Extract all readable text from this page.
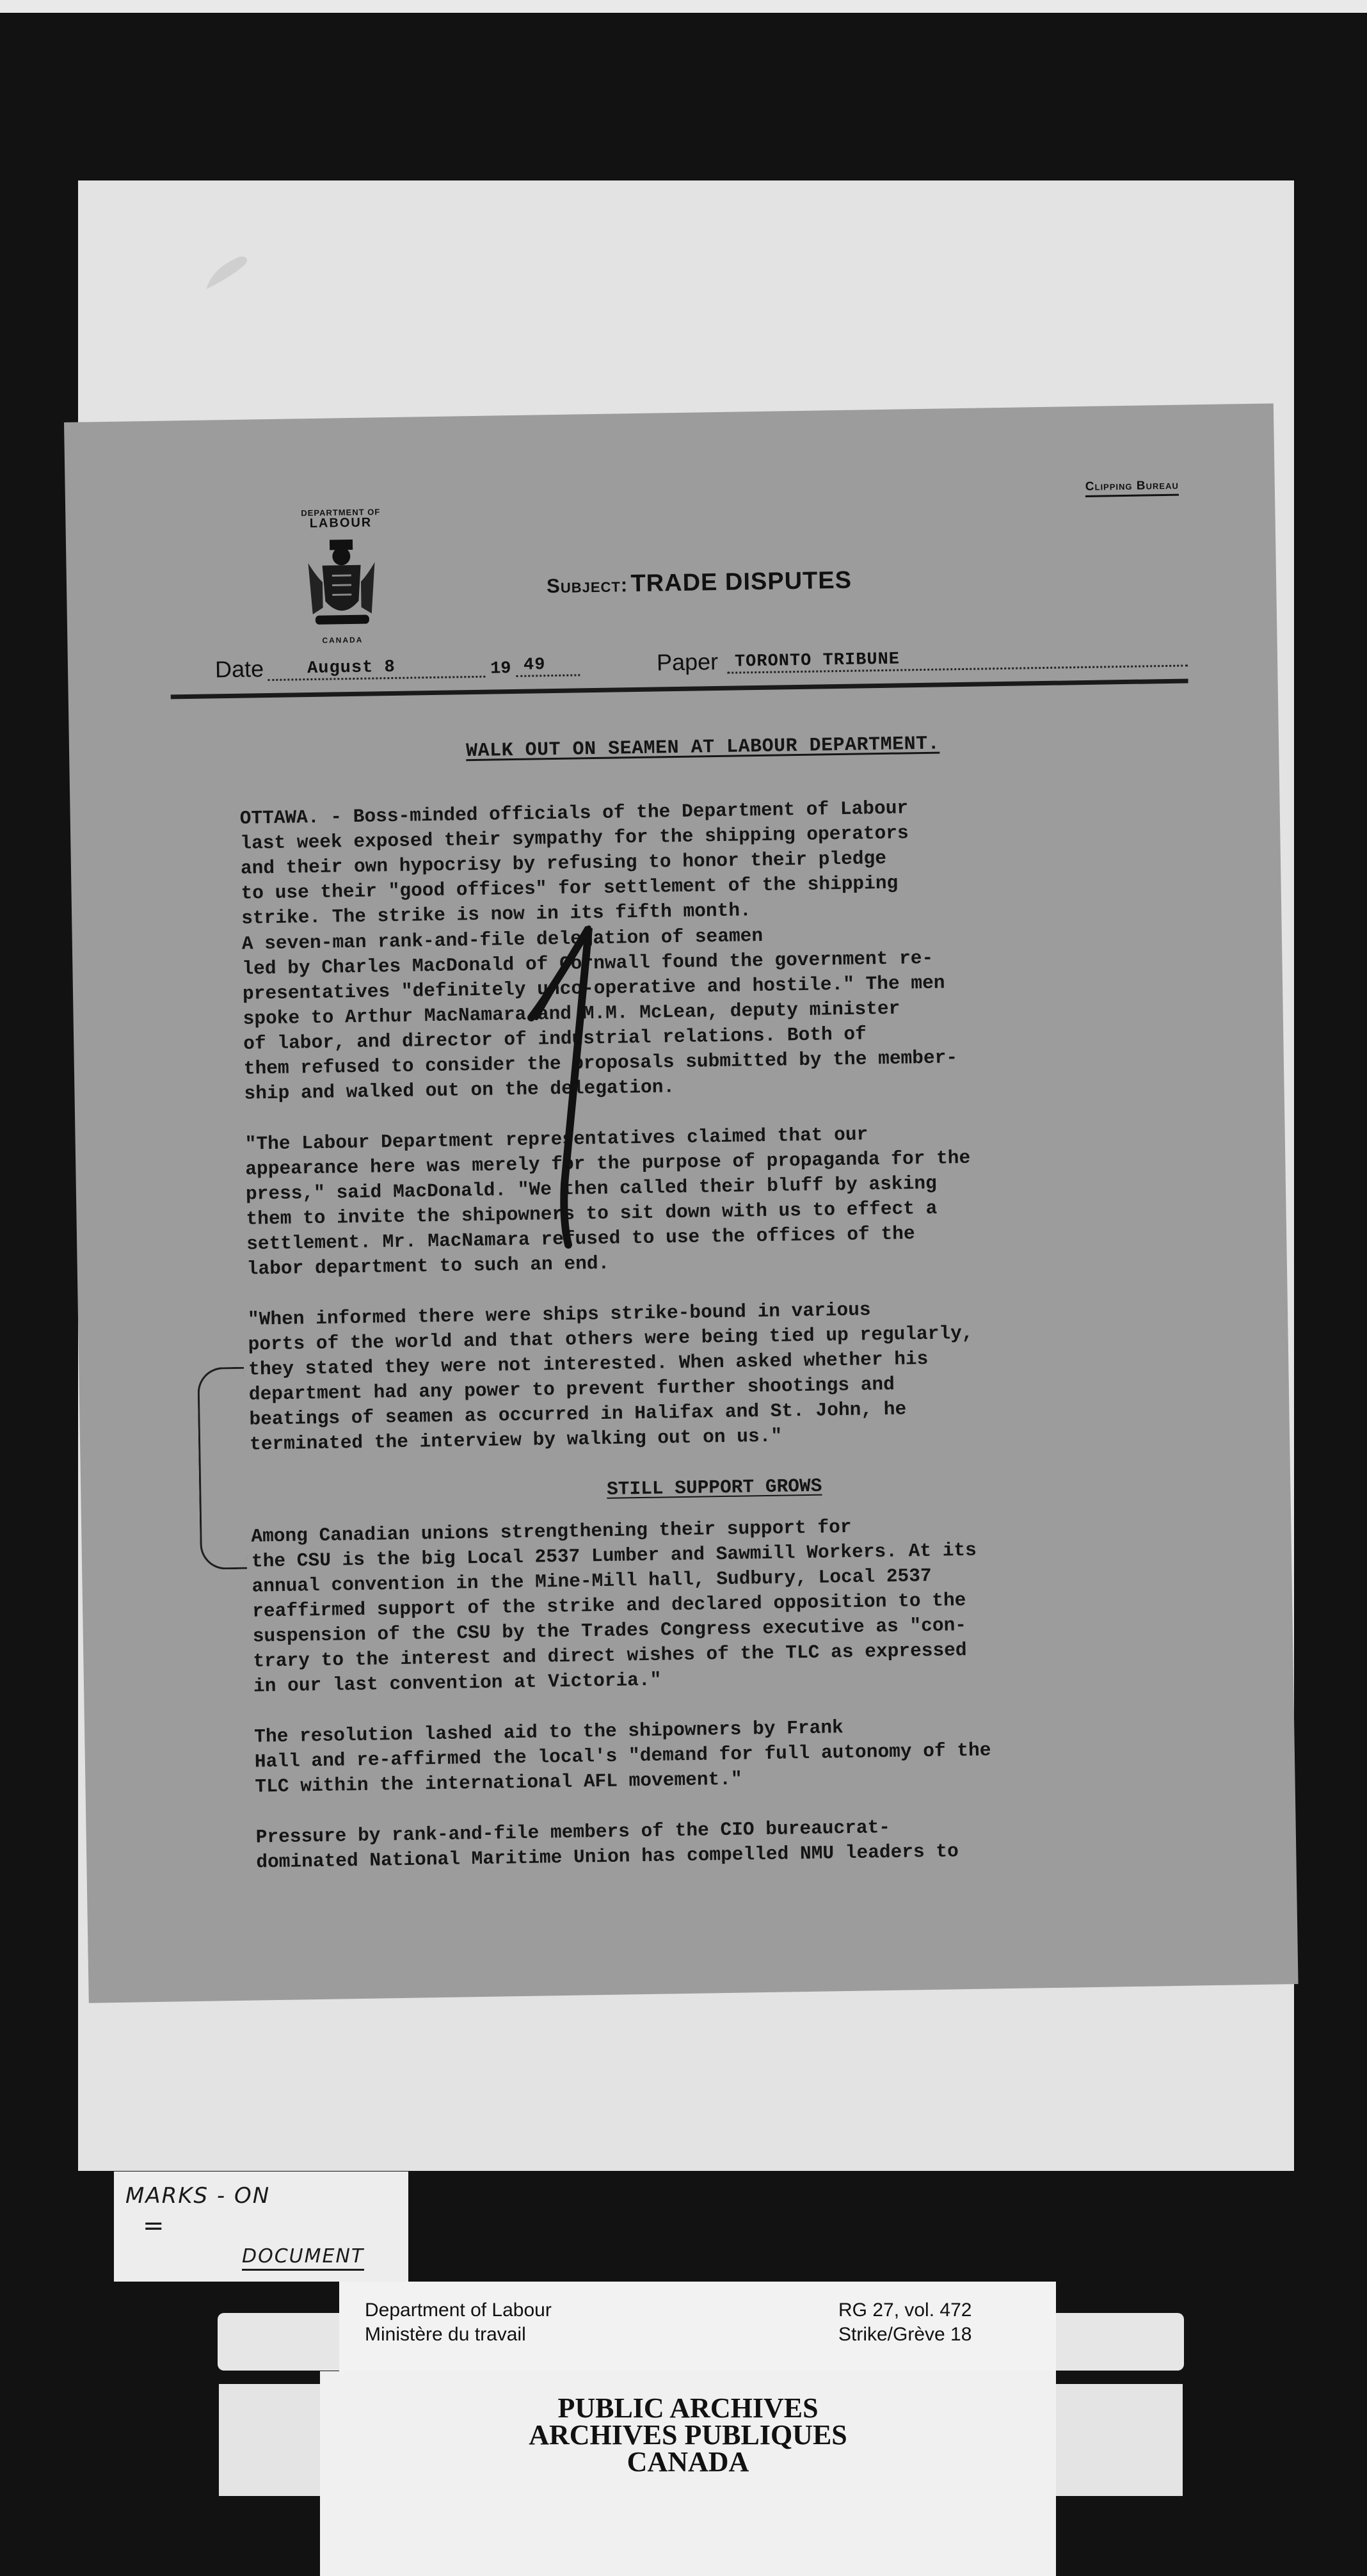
DEPARTMENT OF
LABOUR
CANADA
Clipping Bureau
Subject: TRADE DISPUTES
Date	August 8	19 49	Paper TORONTO TRIBUNE
WALK OUT ON SEAMEN AT LABOUR DEPARTMENT.
OTTAWA. - Boss-minded officials of the Department of Labour
last week exposed their sympathy for the shipping operators
and their own hypocrisy by refusing to honor their pledge
to use their "good offices" for settlement of the shipping
strike. The strike is now in its fifth month.
A seven-man rank-and-file delegation of seamen
led by Charles MacDonald of Cornwall found the government re-
presentatives "definitely unco-operative and hostile." The men
spoke to Arthur MacNamara and M.M. McLean, deputy minister
of labor, and director of industrial relations. Both of
them refused to consider the proposals submitted by the member-
ship and walked out on the delegation.
"The Labour Department representatives claimed that our
appearance here was merely for the purpose of propaganda for the
press," said MacDonald. "We then called their bluff by asking
them to invite the shipowners to sit down with us to effect a
settlement. Mr. MacNamara refused to use the offices of the
labor department to such an end.
"When informed there were ships strike-bound in various
ports of the world and that others were being tied up regularly,
they stated they were not interested. When asked whether his
department had any power to prevent further shootings and
beatings of seamen as occurred in Halifax and St. John, he
terminated the interview by walking out on us."
STILL SUPPORT GROWS
Among Canadian unions strengthening their support for
the CSU is the big Local 2537 Lumber and Sawmill Workers. At its
annual convention in the Mine-Mill hall, Sudbury, Local 2537
reaffirmed support of the strike and declared opposition to the
suspension of the CSU by the Trades Congress executive as "con-
trary to the interest and direct wishes of the TLC as expressed
in our last convention at Victoria."
The resolution lashed aid to the shipowners by Frank
Hall and re-affirmed the local's "demand for full autonomy of the
TLC within the international AFL movement."
Pressure by rank-and-file members of the CIO bureaucrat-
dominated National Maritime Union has compelled NMU leaders to
MARKS - ON
=
DOCUMENT
Department of Labour
Ministère du travail
RG 27, vol. 472
Strike/Grève 18
PUBLIC ARCHIVES
ARCHIVES PUBLIQUES
CANADA
